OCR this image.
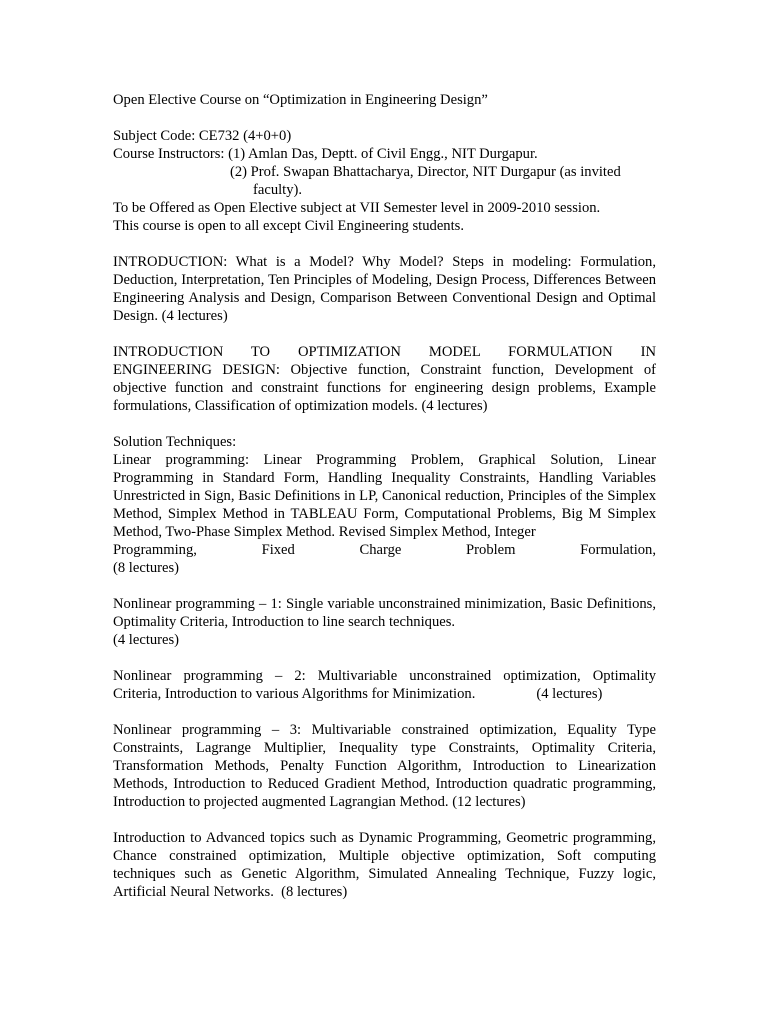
Open Elective Course on “Optimization in Engineering Design”
Subject Code: CE732 (4+0+0)
Course Instructors: (1) Amlan Das, Deptt. of Civil Engg., NIT Durgapur.
(2) Prof. Swapan Bhattacharya, Director, NIT Durgapur (as invited
faculty).
To be Offered as Open Elective subject at VII Semester level in 2009-2010 session.
This course is open to all except Civil Engineering students.
INTRODUCTION: What is a Model? Why Model? Steps in modeling: Formulation, Deduction, Interpretation, Ten Principles of Modeling, Design Process, Differences Between Engineering Analysis and Design, Comparison Between Conventional Design and Optimal Design. (4 lectures)
INTRODUCTION TO OPTIMIZATION MODEL FORMULATION IN
ENGINEERING DESIGN: Objective function, Constraint function, Development of objective function and constraint functions for engineering design problems, Example formulations, Classification of optimization models. (4 lectures)
Solution Techniques:
Linear programming: Linear Programming Problem, Graphical Solution, Linear Programming in Standard Form, Handling Inequality Constraints, Handling Variables Unrestricted in Sign, Basic Definitions in LP, Canonical reduction, Principles of the Simplex Method, Simplex Method in TABLEAU Form, Computational Problems, Big M Simplex Method, Two-Phase Simplex Method. Revised Simplex Method, Integer
Programming, Fixed Charge Problem Formulation,
(8 lectures)
Nonlinear programming – 1: Single variable unconstrained minimization, Basic Definitions, Optimality Criteria, Introduction to line search techniques.
(4 lectures)
Nonlinear programming – 2: Multivariable unconstrained optimization, Optimality
Criteria, Introduction to various Algorithms for Minimization.	(4 lectures)
Nonlinear programming – 3: Multivariable constrained optimization, Equality Type Constraints, Lagrange Multiplier, Inequality type Constraints, Optimality Criteria, Transformation Methods, Penalty Function Algorithm, Introduction to Linearization Methods, Introduction to Reduced Gradient Method, Introduction quadratic programming, Introduction to projected augmented Lagrangian Method. (12 lectures)
Introduction to Advanced topics such as Dynamic Programming, Geometric programming, Chance constrained optimization, Multiple objective optimization, Soft computing techniques such as Genetic Algorithm, Simulated Annealing Technique, Fuzzy logic, Artificial Neural Networks.  (8 lectures)
